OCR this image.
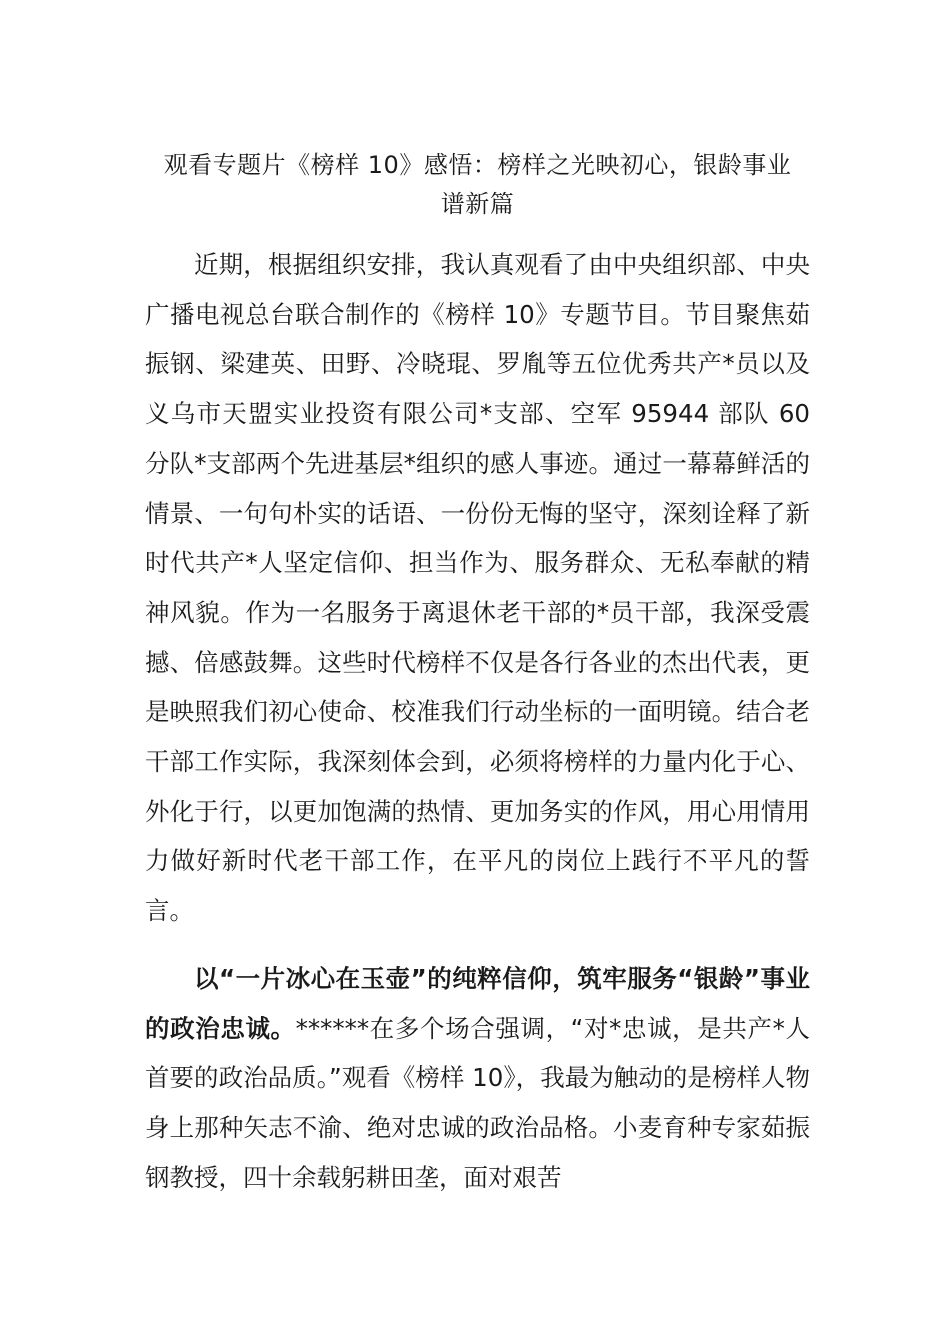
观看专题片《榜样 10》感悟：榜样之光映初心，银龄事业
谱新篇

近期，根据组织安排，我认真观看了由中央组织部、中央广播电视总台联合制作的《榜样 10》专题节目。节目聚焦茹振钢、梁建英、田野、冷晓琨、罗胤等五位优秀共产*员以及义乌市天盟实业投资有限公司*支部、空军 95944 部队 60 分队*支部两个先进基层*组织的感人事迹。通过一幕幕鲜活的情景、一句句朴实的话语、一份份无悔的坚守，深刻诠释了新时代共产*人坚定信仰、担当作为、服务群众、无私奉献的精神风貌。作为一名服务于离退休老干部的*员干部，我深受震撼、倍感鼓舞。这些时代榜样不仅是各行各业的杰出代表，更是映照我们初心使命、校准我们行动坐标的一面明镜。结合老干部工作实际，我深刻体会到，必须将榜样的力量内化于心、外化于行，以更加饱满的热情、更加务实的作风，用心用情用力做好新时代老干部工作，在平凡的岗位上践行不平凡的誓言。

以“一片冰心在玉壶”的纯粹信仰，筑牢服务“银龄”事业的政治忠诚。******在多个场合强调，“对*忠诚，是共产*人首要的政治品质。”观看《榜样 10》，我最为触动的是榜样人物身上那种矢志不渝、绝对忠诚的政治品格。小麦育种专家茹振钢教授，四十余载躬耕田垄，面对艰苦
